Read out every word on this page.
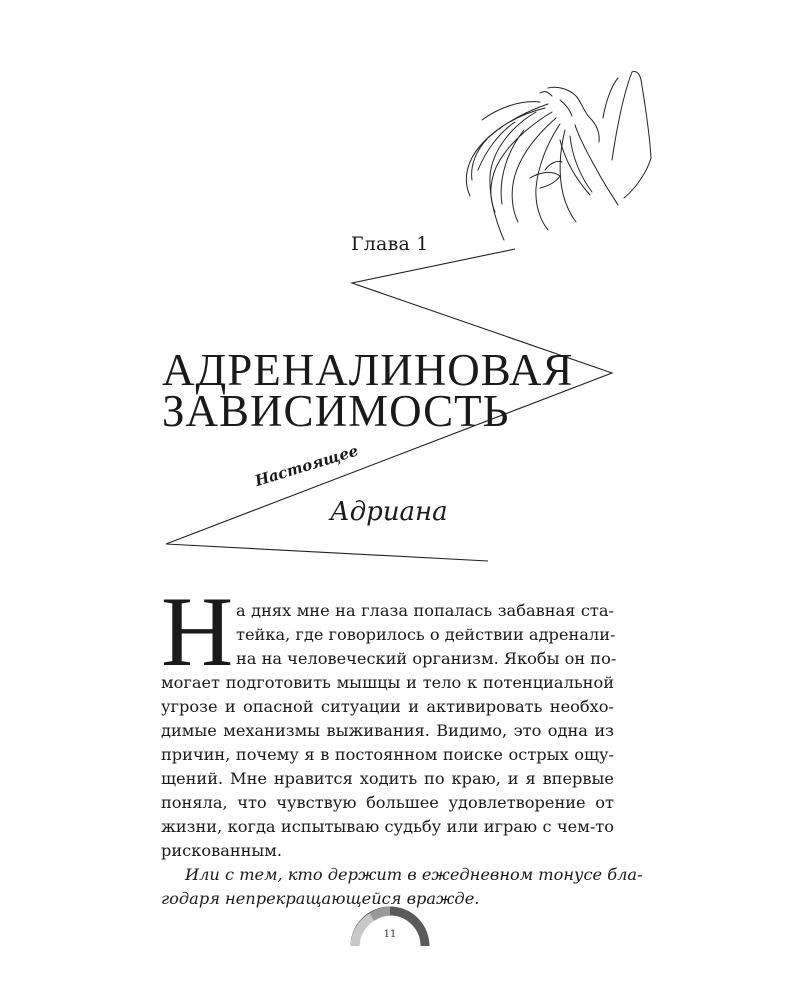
Глава 1
АДРЕНАЛИНОВАЯ
ЗАВИСИМОСТЬ
Настоящее
Адриана
Н а днях мне на глаза попалась забавная ста-
тейка, где говорилось о действии адренали-
на на человеческий организм. Якобы он по-
могает подготовить мышцы и тело к потенциальной
угрозе и опасной ситуации и активировать необхо-
димые механизмы выживания. Видимо, это одна из
причин, почему я в постоянном поиске острых ощу-
щений. Мне нравится ходить по краю, и я впервые
поняла, что чувствую большее удовлетворение от
жизни, когда испытываю судьбу или играю с чем-то
рискованным.
Или с тем, кто держит в ежедневном тонусе бла-
годаря непрекращающейся вражде.
11
